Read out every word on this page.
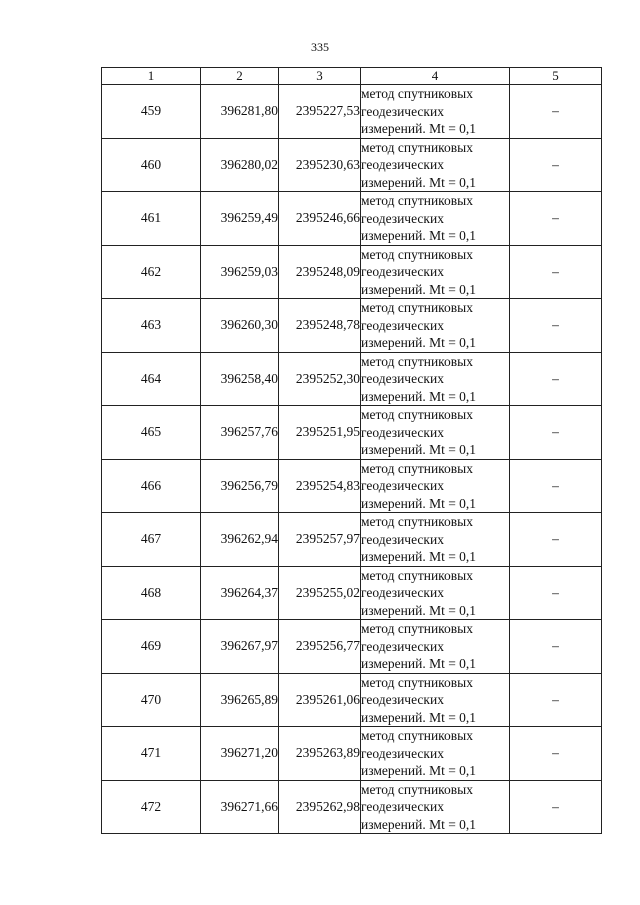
335
1	2	3	4	5
459	396281,80	2395227,53	метод спутниковых
геодезических
измерений. Mt = 0,1	–
460	396280,02	2395230,63	метод спутниковых
геодезических
измерений. Mt = 0,1	–
461	396259,49	2395246,66	метод спутниковых
геодезических
измерений. Mt = 0,1	–
462	396259,03	2395248,09	метод спутниковых
геодезических
измерений. Mt = 0,1	–
463	396260,30	2395248,78	метод спутниковых
геодезических
измерений. Mt = 0,1	–
464	396258,40	2395252,30	метод спутниковых
геодезических
измерений. Mt = 0,1	–
465	396257,76	2395251,95	метод спутниковых
геодезических
измерений. Mt = 0,1	–
466	396256,79	2395254,83	метод спутниковых
геодезических
измерений. Mt = 0,1	–
467	396262,94	2395257,97	метод спутниковых
геодезических
измерений. Mt = 0,1	–
468	396264,37	2395255,02	метод спутниковых
геодезических
измерений. Mt = 0,1	–
469	396267,97	2395256,77	метод спутниковых
геодезических
измерений. Mt = 0,1	–
470	396265,89	2395261,06	метод спутниковых
геодезических
измерений. Mt = 0,1	–
471	396271,20	2395263,89	метод спутниковых
геодезических
измерений. Mt = 0,1	–
472	396271,66	2395262,98	метод спутниковых
геодезических
измерений. Mt = 0,1	–
